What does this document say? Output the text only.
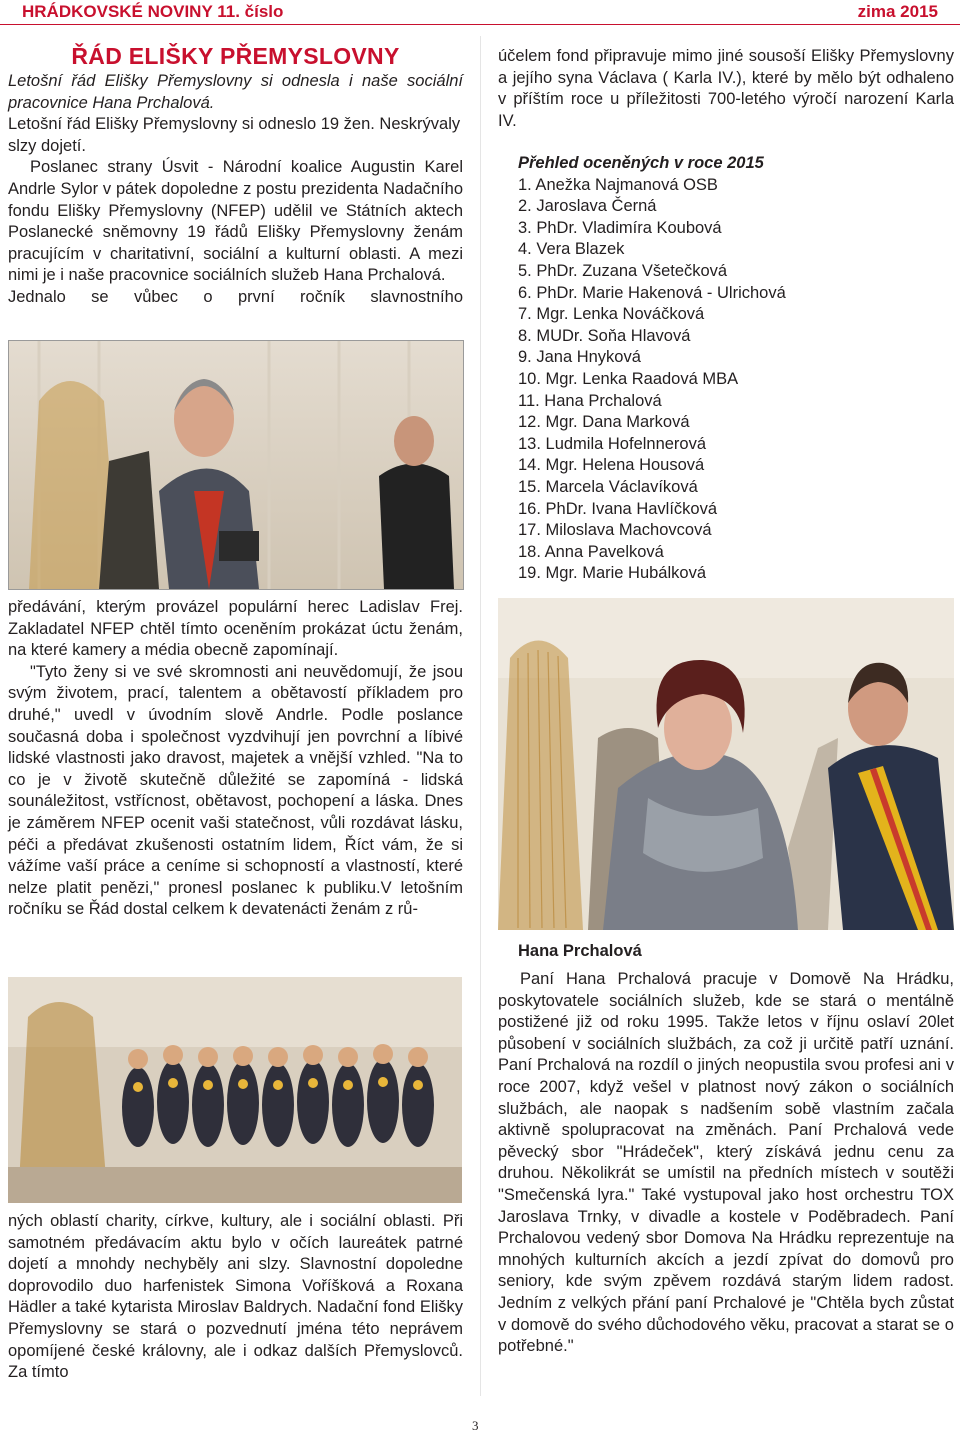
HRÁDKOVSKÉ NOVINY 11. číslo	zima 2015
ŘÁD ELIŠKY PŘEMYSLOVNY

Letošní řád Elišky Přemyslovny si odnesla i naše sociální pracovnice Hana Prchalová.

Letošní řád Elišky Přemyslovny si odneslo 19 žen. Neskrývaly slzy dojetí.

Poslanec strany Úsvit - Národní koalice Augustin Karel Andrle Sylor v pátek dopoledne z postu prezidenta Nadačního fondu Elišky Přemyslovny (NFEP) udělil ve Státních aktech Poslanecké sněmovny 19 řádů Elišky Přemyslovny ženám pracujícím v charitativní, sociální a kulturní oblasti. A mezi nimi je i naše pracovnice sociálních služeb Hana Prchalová.

Jednalo se vůbec o první ročník slavnostního

předávání, kterým provázel populární herec Ladislav Frej. Zakladatel NFEP chtěl tímto oceněním prokázat úctu ženám, na které kamery a média obecně zapomínají.

"Tyto ženy si ve své skromnosti ani neuvědomují, že jsou svým životem, prací, talentem a obětavostí příkladem pro druhé," uvedl v úvodním slově Andrle. Podle poslance současná doba i společnost vyzdvihují jen povrchní a líbivé lidské vlastnosti jako dravost, majetek a vnější vzhled. "Na to co je v životě skutečně důležité se zapomíná - lidská sounáležitost, vstřícnost, obětavost, pochopení a láska. Dnes je záměrem NFEP ocenit vaši statečnost, vůli rozdávat lásku, péči a předávat zkušenosti ostatním lidem, Říct vám, že si vážíme vaší práce a ceníme si schopností a vlastností, které nelze platit penězi," pronesl poslanec k publiku.V letošním ročníku se Řád dostal celkem k devatenácti ženám z rů-

ných oblastí charity, církve, kultury, ale i sociální oblasti. Při samotném předávacím aktu bylo v očích laureátek patrné dojetí a mnohdy nechyběly ani slzy. Slavnostní dopoledne doprovodilo duo harfenistek Simona Voříšková a Roxana Hädler a také kytarista Miroslav Baldrych. Nadační fond Elišky Přemyslovny se stará o pozvednutí jména této neprávem opomíjené české královny, ale i odkaz dalších Přemyslovců. Za tímto

účelem fond připravuje mimo jiné sousoší Elišky Přemyslovny a jejího syna Václava ( Karla IV.), které by mělo být odhaleno v příštím roce u příležitosti 700-letého výročí narození Karla IV.

Přehled oceněných v roce 2015

1. Anežka Najmanová OSB
2. Jaroslava Černá
3. PhDr. Vladimíra Koubová
4. Vera Blazek
5. PhDr. Zuzana Všetečková
6. PhDr. Marie Hakenová - Ulrichová
7. Mgr. Lenka Nováčková
8. MUDr. Soňa Hlavová
9. Jana Hnyková
10. Mgr. Lenka Raadová MBA
11. Hana Prchalová
12. Mgr. Dana Marková
13. Ludmila Hofelnnerová
14. Mgr. Helena Housová
15. Marcela Václavíková
16. PhDr. Ivana Havlíčková
17. Miloslava Machovcová
18. Anna Pavelková
19. Mgr. Marie Hubálková

Hana Prchalová

Paní Hana Prchalová pracuje v Domově Na Hrádku, poskytovatele sociálních služeb, kde se stará o mentálně postižené již od roku 1995. Takže letos v říjnu oslaví 20let působení v sociálních službách, za což ji určitě patří uznání. Paní Prchalová na rozdíl o jiných neopustila svou profesi ani v roce 2007, když vešel v platnost nový zákon o sociálních službách, ale naopak s nadšením sobě vlastním začala aktivně spolupracovat na změnách. Paní Prchalová vede pěvecký sbor "Hrádeček", který získává jednu cenu za druhou. Několikrát se umístil na předních místech v soutěži "Smečenská lyra." Také vystupoval jako host orchestru TOX Jaroslava Trnky, v divadle a kostele v Poděbradech. Paní Prchalovou vedený sbor Domova Na Hrádku reprezentuje na mnohých kulturních akcích a jezdí zpívat do domovů pro seniory, kde svým zpěvem rozdává starým lidem radost. Jedním z velkých přání paní Prchalové je "Chtěla bych zůstat v domově do svého důchodového věku, pracovat a starat se o potřebné."

3
